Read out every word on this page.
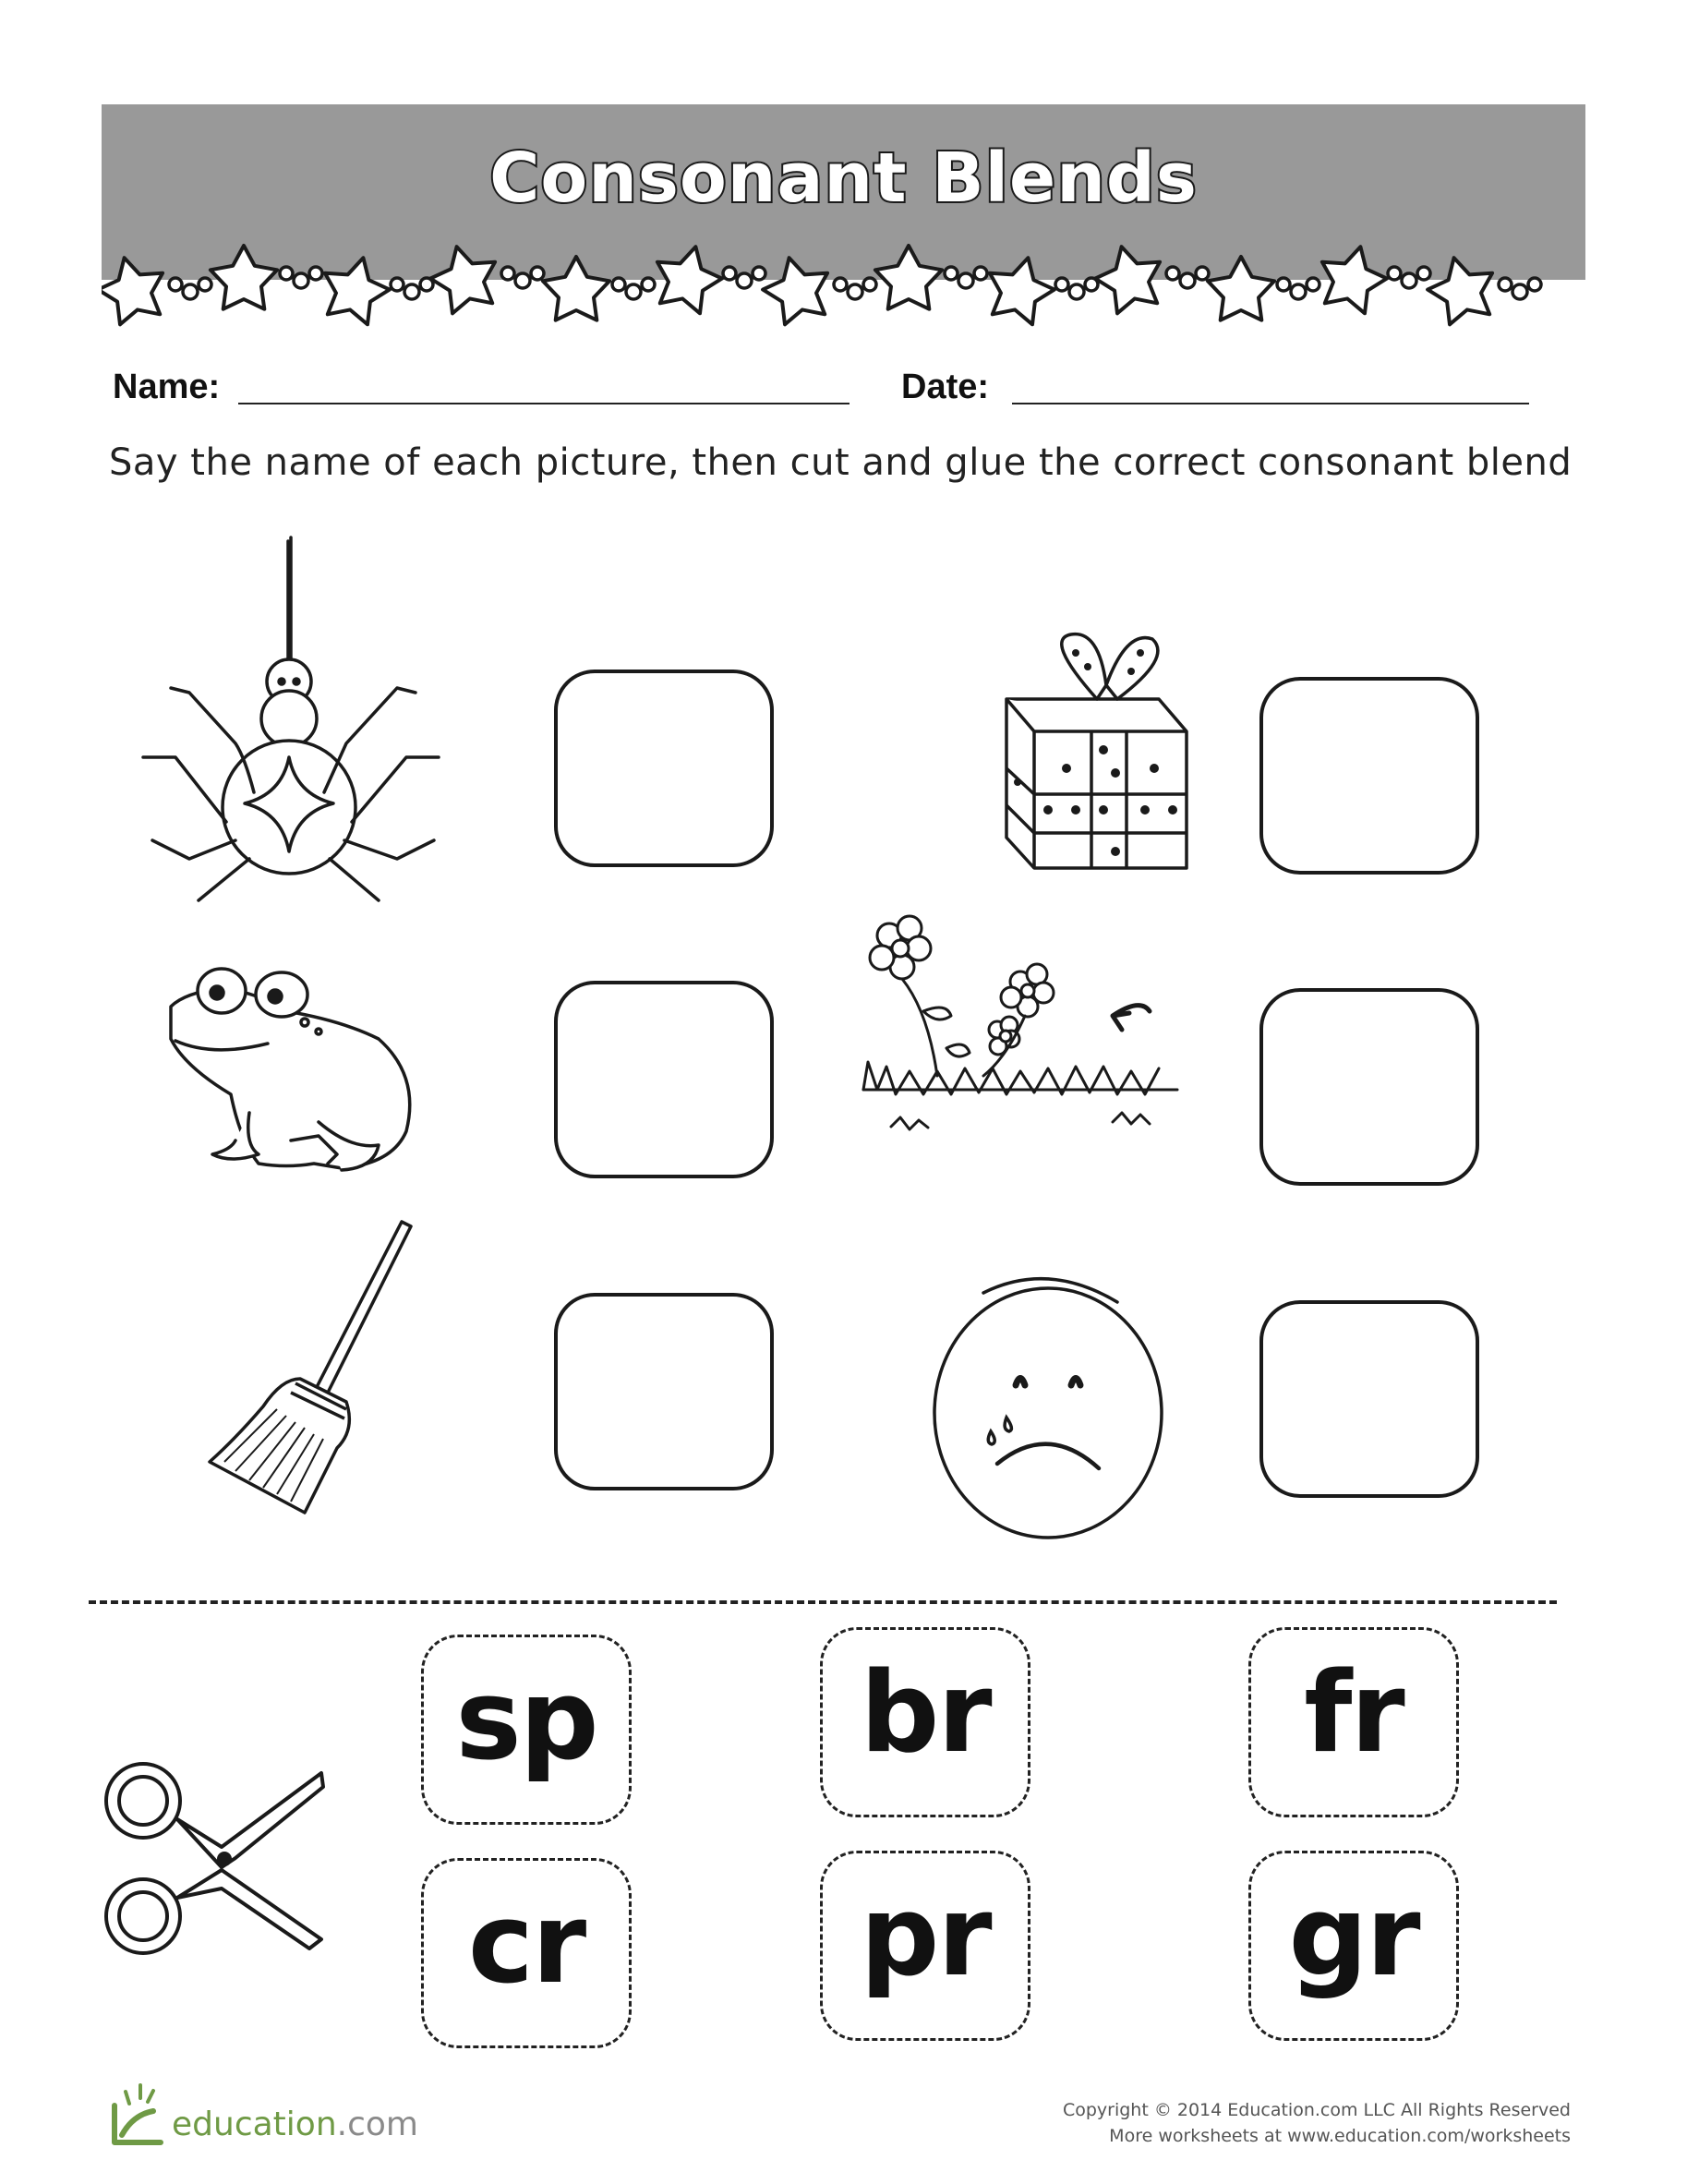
Consonant Blends
Name:	Date:
Say the name of each picture, then cut and glue the correct consonant blend
sp br	fr
cr pr	gr
education.com	Copyright © 2014 Education.com LLC All Rights Reserved
More worksheets at www.education.com/worksheets
